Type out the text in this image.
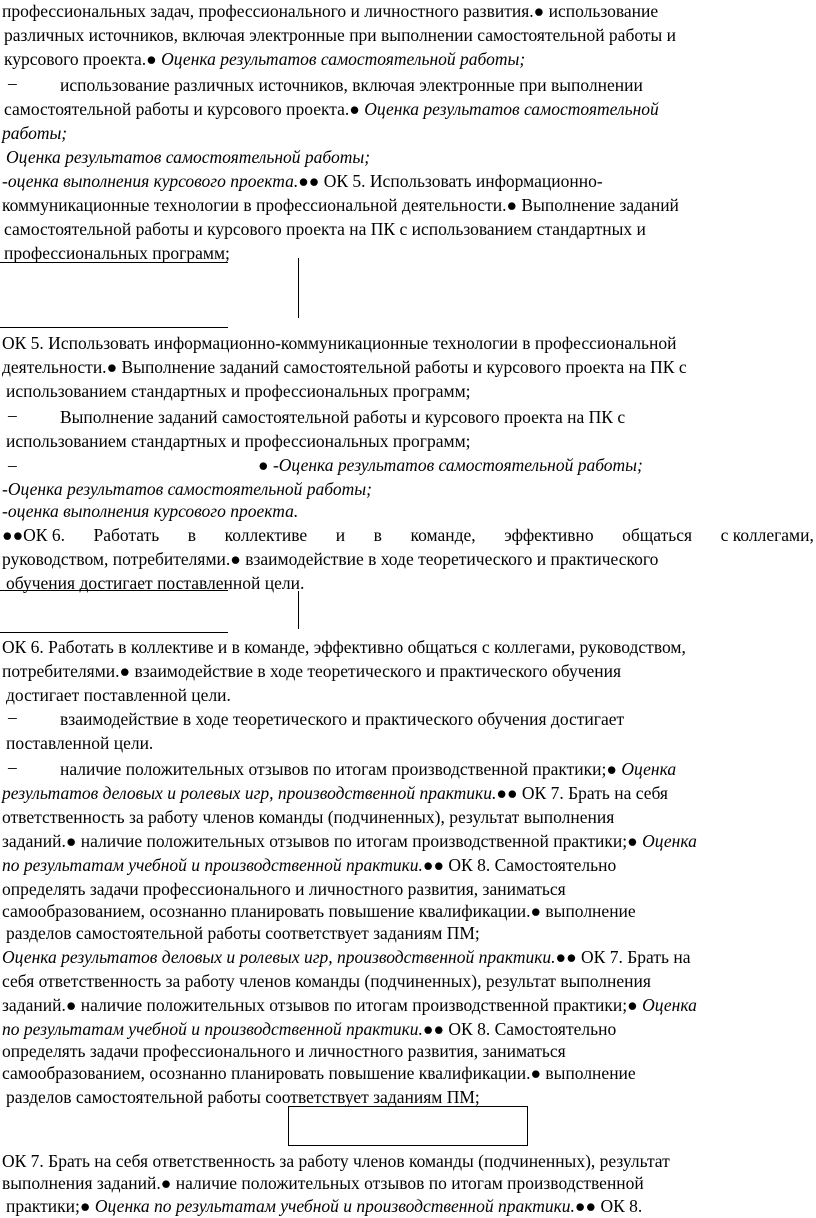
профессиональных задач, профессионального и личностного развития.● использование
различных источников, включая электронные при выполнении самостоятельной работы и
курсового проекта.● Оценка результатов самостоятельной работы;
– использование различных источников, включая электронные при выполнении
самостоятельной работы и курсового проекта.● Оценка результатов самостоятельной
работы;
Оценка результатов самостоятельной работы;
-оценка выполнения курсового проекта.●● ОК 5. Использовать информационно-
коммуникационные технологии в профессиональной деятельности.● Выполнение заданий
самостоятельной работы и курсового проекта на ПК с использованием стандартных и
профессиональных программ;
ОК 5. Использовать информационно-коммуникационные технологии в профессиональной
деятельности.● Выполнение заданий самостоятельной работы и курсового проекта на ПК с
использованием стандартных и профессиональных программ;
– Выполнение заданий самостоятельной работы и курсового проекта на ПК с
использованием стандартных и профессиональных программ;
–	● -Оценка результатов самостоятельной работы;
-Оценка результатов самостоятельной работы;
-оценка выполнения курсового проекта.
●●ОК 6. Работать в коллективе и в команде, эффективно общаться с коллегами,
руководством, потребителями.● взаимодействие в ходе теоретического и практического
обучения достигает поставленной цели.
ОК 6. Работать в коллективе и в команде, эффективно общаться с коллегами, руководством,
потребителями.● взаимодействие в ходе теоретического и практического обучения
достигает поставленной цели.
– взаимодействие в ходе теоретического и практического обучения достигает
поставленной цели.
– наличие положительных отзывов по итогам производственной практики;● Оценка
результатов деловых и ролевых игр, производственной практики.●● ОК 7. Брать на себя
ответственность за работу членов команды (подчиненных), результат выполнения
заданий.● наличие положительных отзывов по итогам производственной практики;● Оценка
по результатам учебной и производственной практики.●● ОК 8. Самостоятельно
определять задачи профессионального и личностного развития, заниматься
самообразованием, осознанно планировать повышение квалификации.● выполнение
разделов самостоятельной работы соответствует заданиям ПМ;
Оценка результатов деловых и ролевых игр, производственной практики.●● ОК 7. Брать на
себя ответственность за работу членов команды (подчиненных), результат выполнения
заданий.● наличие положительных отзывов по итогам производственной практики;● Оценка
по результатам учебной и производственной практики.●● ОК 8. Самостоятельно
определять задачи профессионального и личностного развития, заниматься
самообразованием, осознанно планировать повышение квалификации.● выполнение
разделов самостоятельной работы соответствует заданиям ПМ;
ОК 7. Брать на себя ответственность за работу членов команды (подчиненных), результат
выполнения заданий.● наличие положительных отзывов по итогам производственной
практики;● Оценка по результатам учебной и производственной практики.●● ОК 8.
